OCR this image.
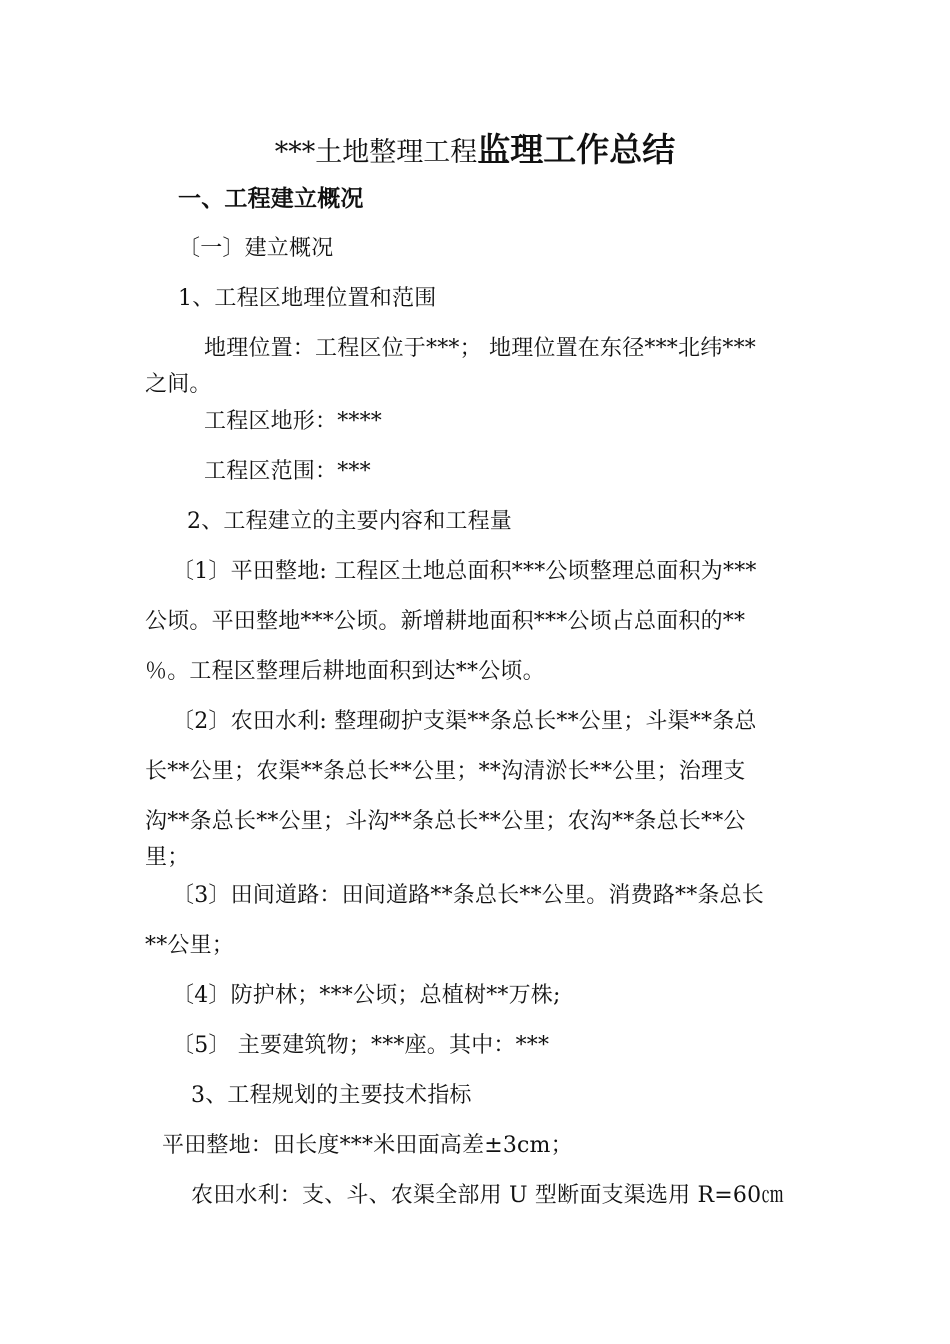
***土地整理工程监理工作总结
一、工程建立概况
〔一〕建立概况
1、工程区地理位置和范围
地理位置：工程区位于***； 地理位置在东径***北纬***
之间。
工程区地形：****
工程区范围：***
2、工程建立的主要内容和工程量
〔1〕平田整地: 工程区土地总面积***公顷整理总面积为***
公顷。平田整地***公顷。新增耕地面积***公顷占总面积的**
％。工程区整理后耕地面积到达**公顷。
〔2〕农田水利: 整理砌护支渠**条总长**公里；斗渠**条总
长**公里；农渠**条总长**公里；**沟清淤长**公里；治理支
沟**条总长**公里；斗沟**条总长**公里；农沟**条总长**公
里；
〔3〕田间道路：田间道路**条总长**公里。消费路**条总长
**公里；
〔4〕防护林；***公顷；总植树**万株;
〔5〕 主要建筑物；***座。其中：***
3、工程规划的主要技术指标
平田整地：田长度***米田面高差±3cm；
农田水利：支、斗、农渠全部用 U 型断面支渠选用 R=60㎝
